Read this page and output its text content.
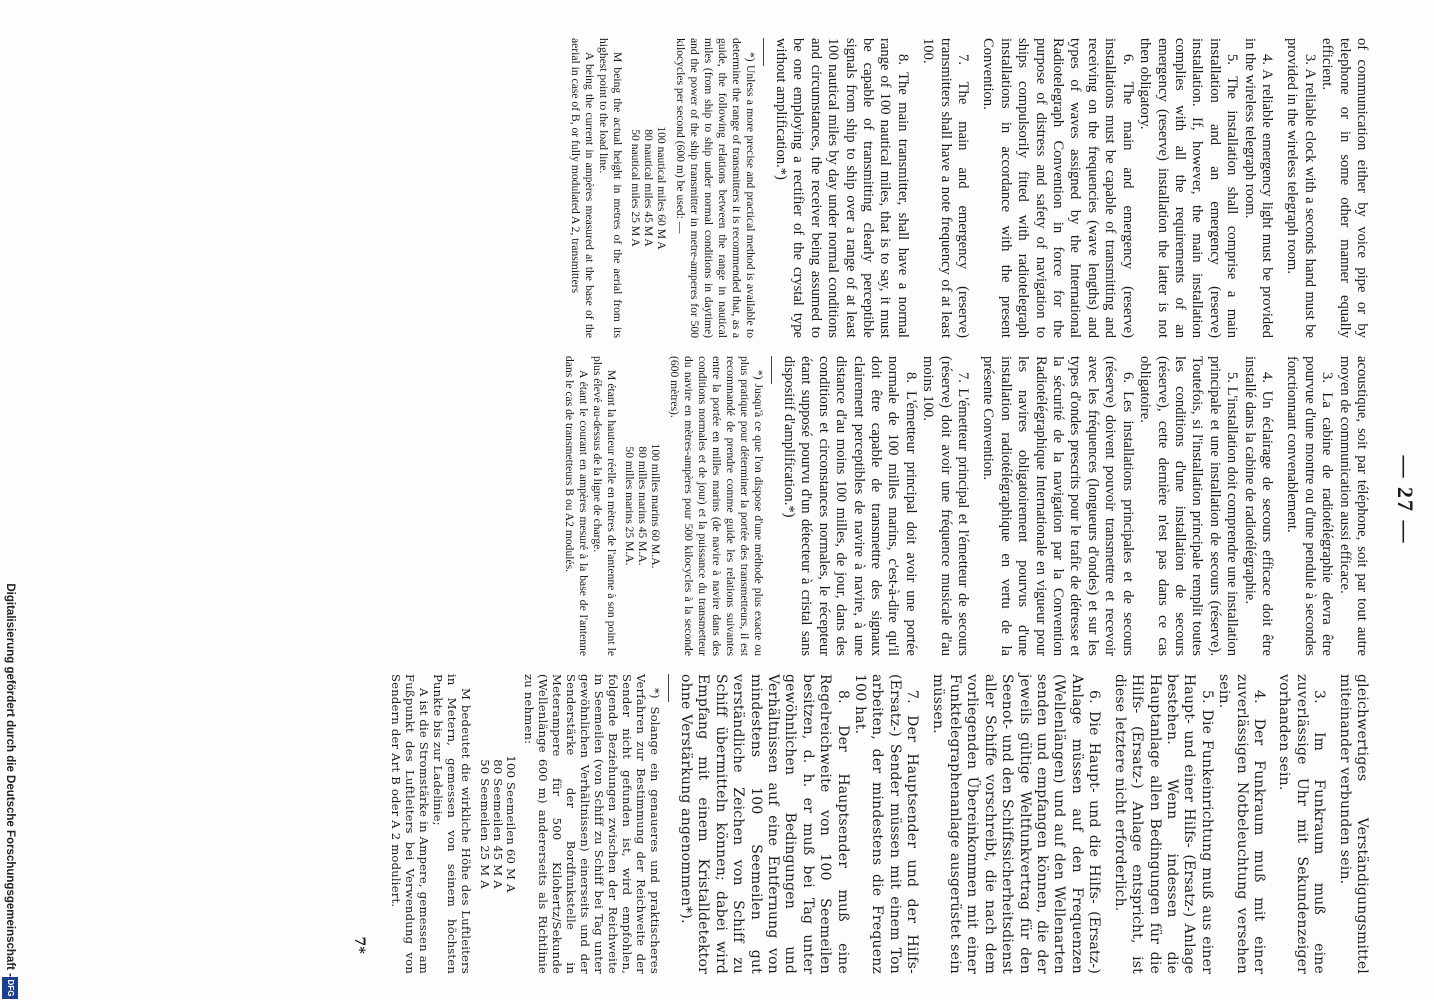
— 27 —

of communication either by voice pipe or by telephone or in some other manner equally efficient.

3. A reliable clock with a seconds hand must be provided in the wireless telegraph room.

4. A reliable emergency light must be provided in the wireless telegraph room.

5. The installation shall comprise a main installation and an emergency (reserve) installation. If, however, the main installation complies with all the requirements of an emergency (reserve) installation the latter is not then obligatory.

6. The main and emergency (reserve) installations must be capable of transmitting and receiving on the frequencies (wave lengths) and types of waves assigned by the International Radiotelegraph Convention in force for the purpose of distress and safety of navigation to ships compulsorily fitted with radiotelegraph installations in accordance with the present Convention.

7. The main and emergency (reserve) transmitters shall have a note frequency of at least 100.

8. The main transmitter, shall have a normal range of 100 nautical miles, that is to say, it must be capable of transmitting clearly perceptible signals from ship to ship over a range of at least 100 nautical miles by day under normal conditions and circumstances, the receiver being assumed to be one employing a rectifier of the crystal type without amplification.*)

*) Unless a more precise and practical method is available to determine the range of transmitters it is recommended that, as a guide, the following relations between the range in nautical miles (from ship to ship under normal conditions in daytime) and the power of the ship transmitter in metre-amperes for 500 kilocycles per second (600 m) be used: —

100 nautical miles 60 M A
80 nautical miles 45 M A
50 nautical miles 25 M A

M being the actual height in metres of the aerial from its highest point to the load line.

A being the current in ampères measured at the base of the aerial in case of B, or fully modulated A 2, transmitters

acoustique, soit par téléphone, soit par tout autre moyen de communication aussi efficace.

3. La cabine de radiotélégraphie devra être pourvue d'une montre ou d'une pendule à secondes fonctionnant convenablement.

4. Un éclairage de secours efficace doit être installé dans la cabine de radiotélégraphie.

5. L'installation doit comprendre une installation principale et une installation de secours (réserve). Toutefois, si l'installation principale remplit toutes les conditions d'une installation de secours (réserve), cette dernière n'est pas dans ce cas obligatoire.

6. Les installations principales et de secours (réserve) doivent pouvoir transmettre et recevoir avec les fréquences (longueurs d'ondes) et sur les types d'ondes prescrits pour le trafic de détresse et la sécurité de la navigation par la Convention Radiotélégraphique Internationale en vigueur pour les navires obligatoirement pourvus d'une installation radiotélégraphique en vertu de la présente Convention.

7. L'émetteur principal et l'émetteur de secours (réserve) doit avoir une fréquence musicale d'au moins 100.

8. L'émetteur principal doit avoir une portée normale de 100 milles marins, c'est-à-dire qu'il doit être capable de transmettre des signaux clairement perceptibles de navire à navire, à une distance d'au moins 100 milles, de jour, dans des conditions et circonstances normales, le récepteur étant supposé pourvu d'un détecteur à cristal sans dispositif d'amplification.*)

*) Jusqu'à ce que l'on dispose d'une méthode plus exacte ou plus pratique pour déterminer la portée des transmetteurs, il est recommandé de prendre comme guide les relations suivantes entre la portée en milles marins (de navire à navire dans des conditions normales et de jour) et la puissance du transmetteur du navire en mètres-ampères pour 500 kilocycles à la seconde (600 mètres).

100 milles marins 60 M.A.
80 milles marins 45 M.A.
50 milles marins 25 M.A.

M étant la hauteur réelle en mètres de l'antenne à son point le plus élevé au-dessus de la ligne de charge.

A étant le courant en ampères mesuré à la base de l'antenne dans le cas de transmetteurs B ou A2 modulés.

gleichwertiges Verständigungsmittel miteinander verbunden sein.

3. Im Funkraum muß eine zuverlässige Uhr mit Sekundenzeiger vorhanden sein.

4. Der Funkraum muß mit einer zuverlässigen Notbeleuchtung versehen sein.

5. Die Funkeinrichtung muß aus einer Haupt- und einer Hilfs- (Ersatz-) Anlage bestehen. Wenn indessen die Hauptanlage allen Bedingungen für die Hilfs- (Ersatz-) Anlage entspricht, ist diese letztere nicht erforderlich.

6. Die Haupt- und die Hilfs- (Ersatz-) Anlage müssen auf den Frequenzen (Wellenlängen) und auf den Wellenarten senden und empfangen können, die der jeweils gültige Weltfunkvertrag für den Seenot- und den Schiffssicherheitsdienst aller Schiffe vorschreibt, die nach dem vorliegenden Übereinkommen mit einer Funktelegraphenanlage ausgerüstet sein müssen.

7. Der Hauptsender und der Hilfs- (Ersatz-) Sender müssen mit einem Ton arbeiten, der mindestens die Frequenz 100 hat.

8. Der Hauptsender muß eine Regelreichweite von 100 Seemeilen besitzen, d. h. er muß bei Tag unter gewöhnlichen Bedingungen und Verhältnissen auf eine Entfernung von mindestens 100 Seemeilen gut verständliche Zeichen von Schiff zu Schiff übermitteln können; dabei wird Empfang mit einem Kristalldetektor ohne Verstärkung angenommen*).

*) Solange ein genaueres und praktischeres Verfahren zur Bestimmung der Reichweite der Sender nicht gefunden ist, wird empfohlen, folgende Beziehungen zwischen der Reichweite in Seemeilen (von Schiff zu Schiff bei Tag unter gewöhnlichen Verhältnissen) einerseits und der Senderstärke der Bordfunkstelle in Meterampere für 500 Kilohertz/Sekunde (Wellenlänge 600 m) andererseits als Richtlinie zu nehmen:

100 Seemeilen 60 M A
80 Seemeilen 45 M A
50 Seemeilen 25 M A

M bedeutet die wirkliche Höhe des Luftleiters in Metern, gemessen von seinem höchsten Punkte bis zur Ladelinie;

A ist die Stromstärke in Ampere, gemessen am Fußpunkt des Luftleiters bei Verwendung von Sendern der Art B oder A 2 moduliert.

7*
Digitalisierung gefördert durch die Deutsche Forschungsgemeinschaft -
DFG
